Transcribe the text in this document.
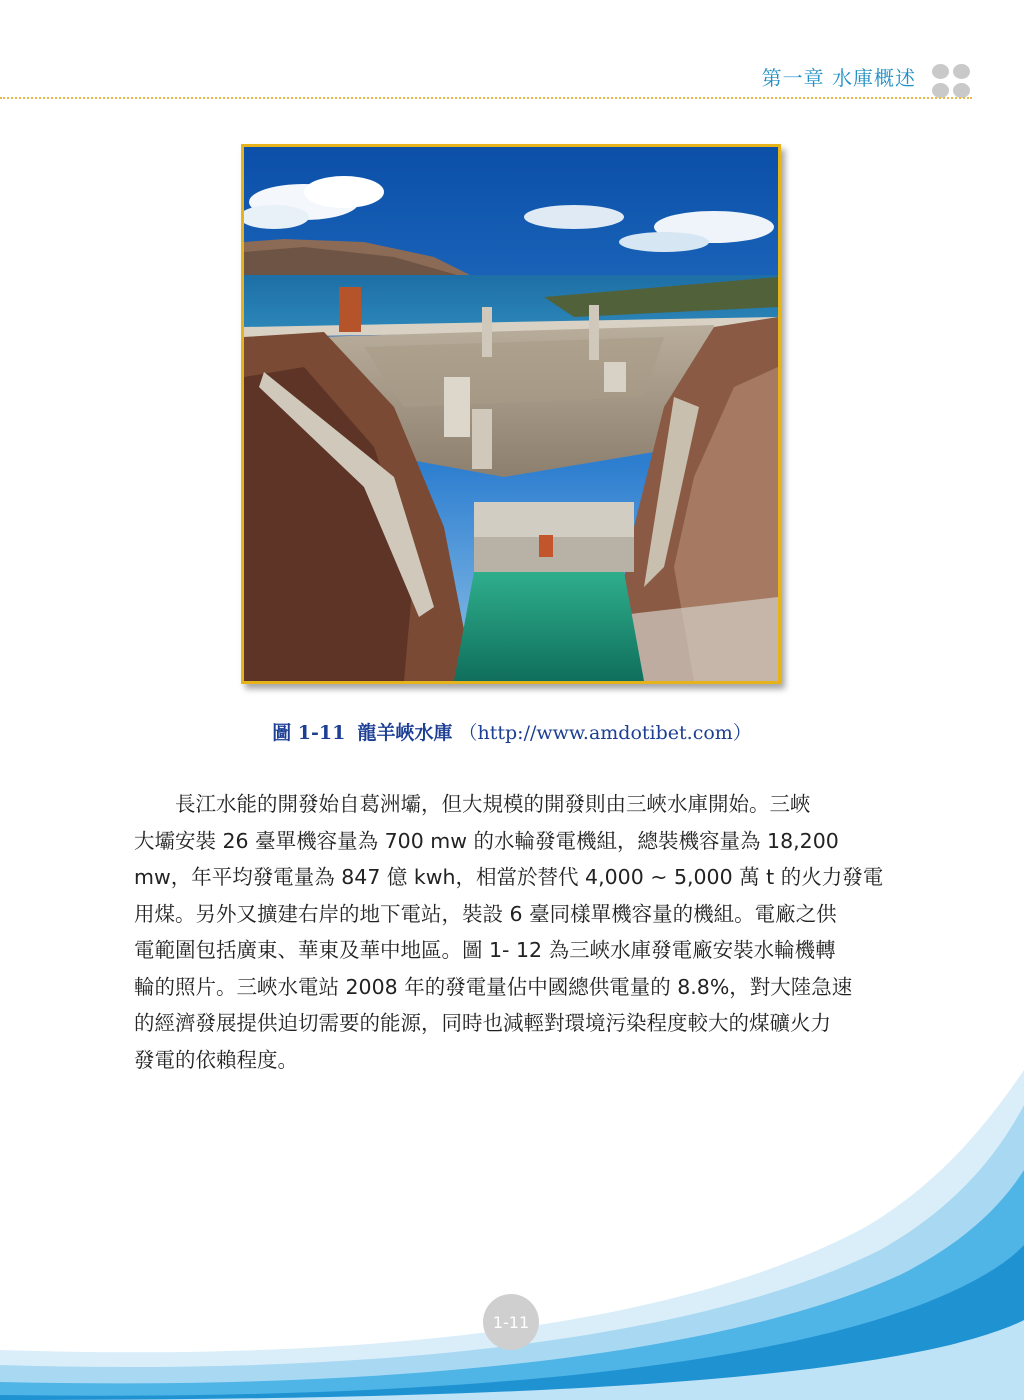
第一章 水庫概述
圖 1-11 龍羊峽水庫 （http://www.amdotibet.com）
長江水能的開發始自葛洲壩，但大規模的開發則由三峽水庫開始。三峽
大壩安裝 26 臺單機容量為 700 mw 的水輪發電機組，總裝機容量為 18,200
mw，年平均發電量為 847 億 kwh，相當於替代 4,000 ~ 5,000 萬 t 的火力發電
用煤。另外又擴建右岸的地下電站，裝設 6 臺同樣單機容量的機組。電廠之供
電範圍包括廣東、華東及華中地區。圖 1- 12 為三峽水庫發電廠安裝水輪機轉
輪的照片。三峽水電站 2008 年的發電量佔中國總供電量的 8.8%，對大陸急速
的經濟發展提供迫切需要的能源，同時也減輕對環境污染程度較大的煤礦火力
發電的依賴程度。
1-11
